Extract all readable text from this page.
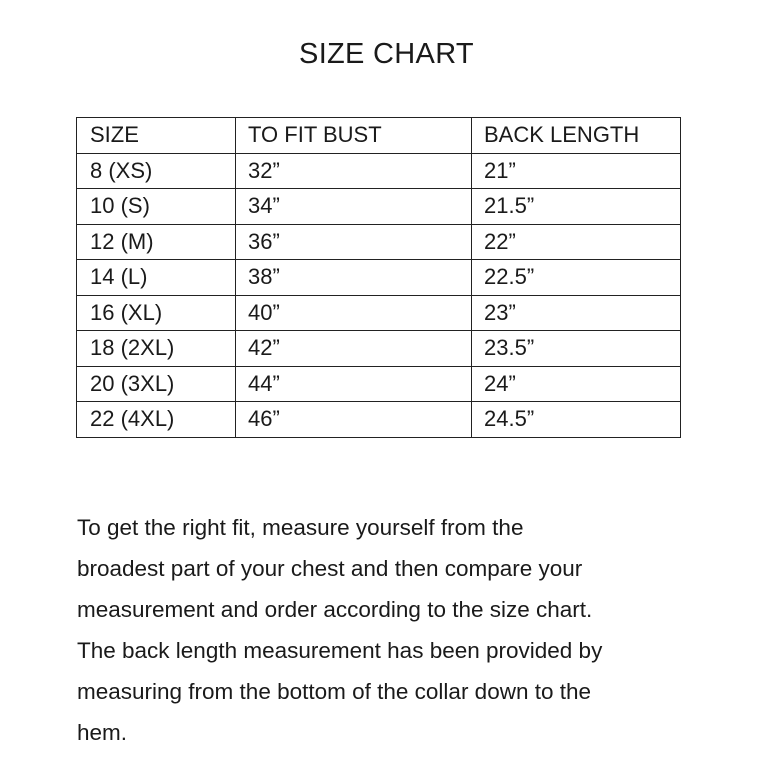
SIZE CHART
SIZE	TO FIT BUST	BACK LENGTH
8 (XS)	32”	21”
10 (S)	34”	21.5”
12 (M)	36”	22”
14 (L)	38”	22.5”
16 (XL)	40”	23”
18 (2XL)	42”	23.5”
20 (3XL)	44”	24”
22 (4XL)	46”	24.5”
To get the right fit, measure yourself from the
broadest part of your chest and then compare your
measurement and order according to the size chart.
The back length measurement has been provided by
measuring from the bottom of the collar down to the
hem.
